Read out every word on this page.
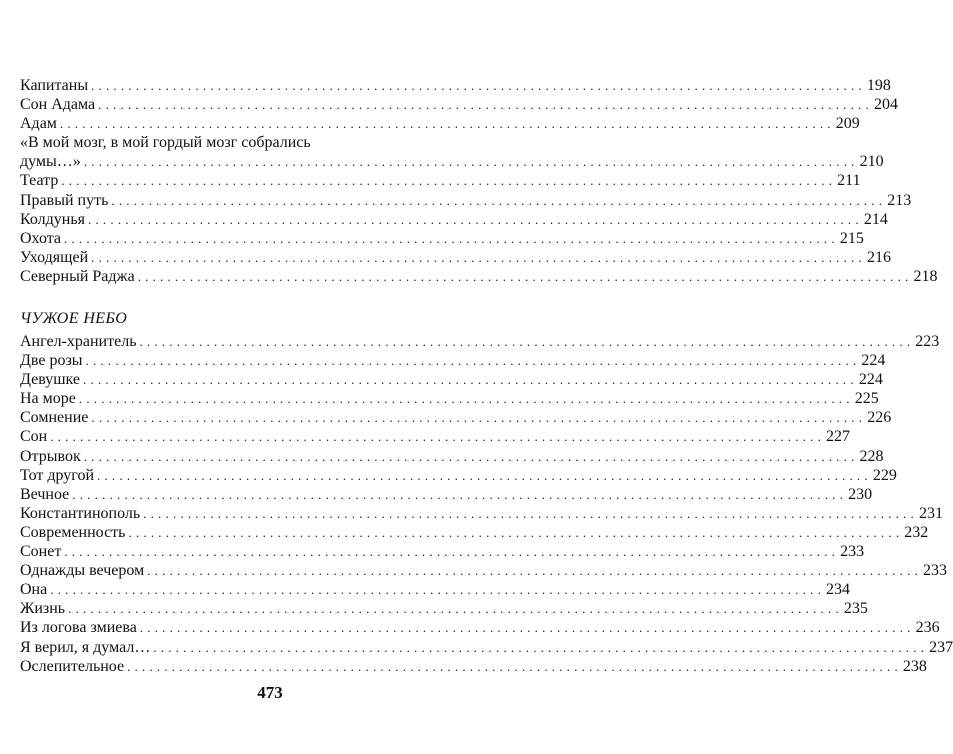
Капитаны ........................................................................................................ 198
Сон Адама ........................................................................................................ 204
Адам ........................................................................................................ 209
«В мой мозг, в мой гордый мозг собрались
думы…» ........................................................................................................ 210
Театр ........................................................................................................ 211
Правый путь ........................................................................................................ 213
Колдунья ........................................................................................................ 214
Охота ........................................................................................................ 215
Уходящей ........................................................................................................ 216
Северный Раджа ........................................................................................................ 218
ЧУЖОЕ НЕБО
Ангел-хранитель ........................................................................................................ 223
Две розы ........................................................................................................ 224
Девушке ........................................................................................................ 224
На море ........................................................................................................ 225
Сомнение ........................................................................................................ 226
Сон ........................................................................................................ 227
Отрывок ........................................................................................................ 228
Тот другой ........................................................................................................ 229
Вечное ........................................................................................................ 230
Константинополь ........................................................................................................ 231
Современность ........................................................................................................ 232
Сонет ........................................................................................................ 233
Однажды вечером ........................................................................................................ 233
Она ........................................................................................................ 234
Жизнь ........................................................................................................ 235
Из логова змиева ........................................................................................................ 236
Я верил, я думал… ........................................................................................................ 237
Ослепительное ........................................................................................................ 238
473
